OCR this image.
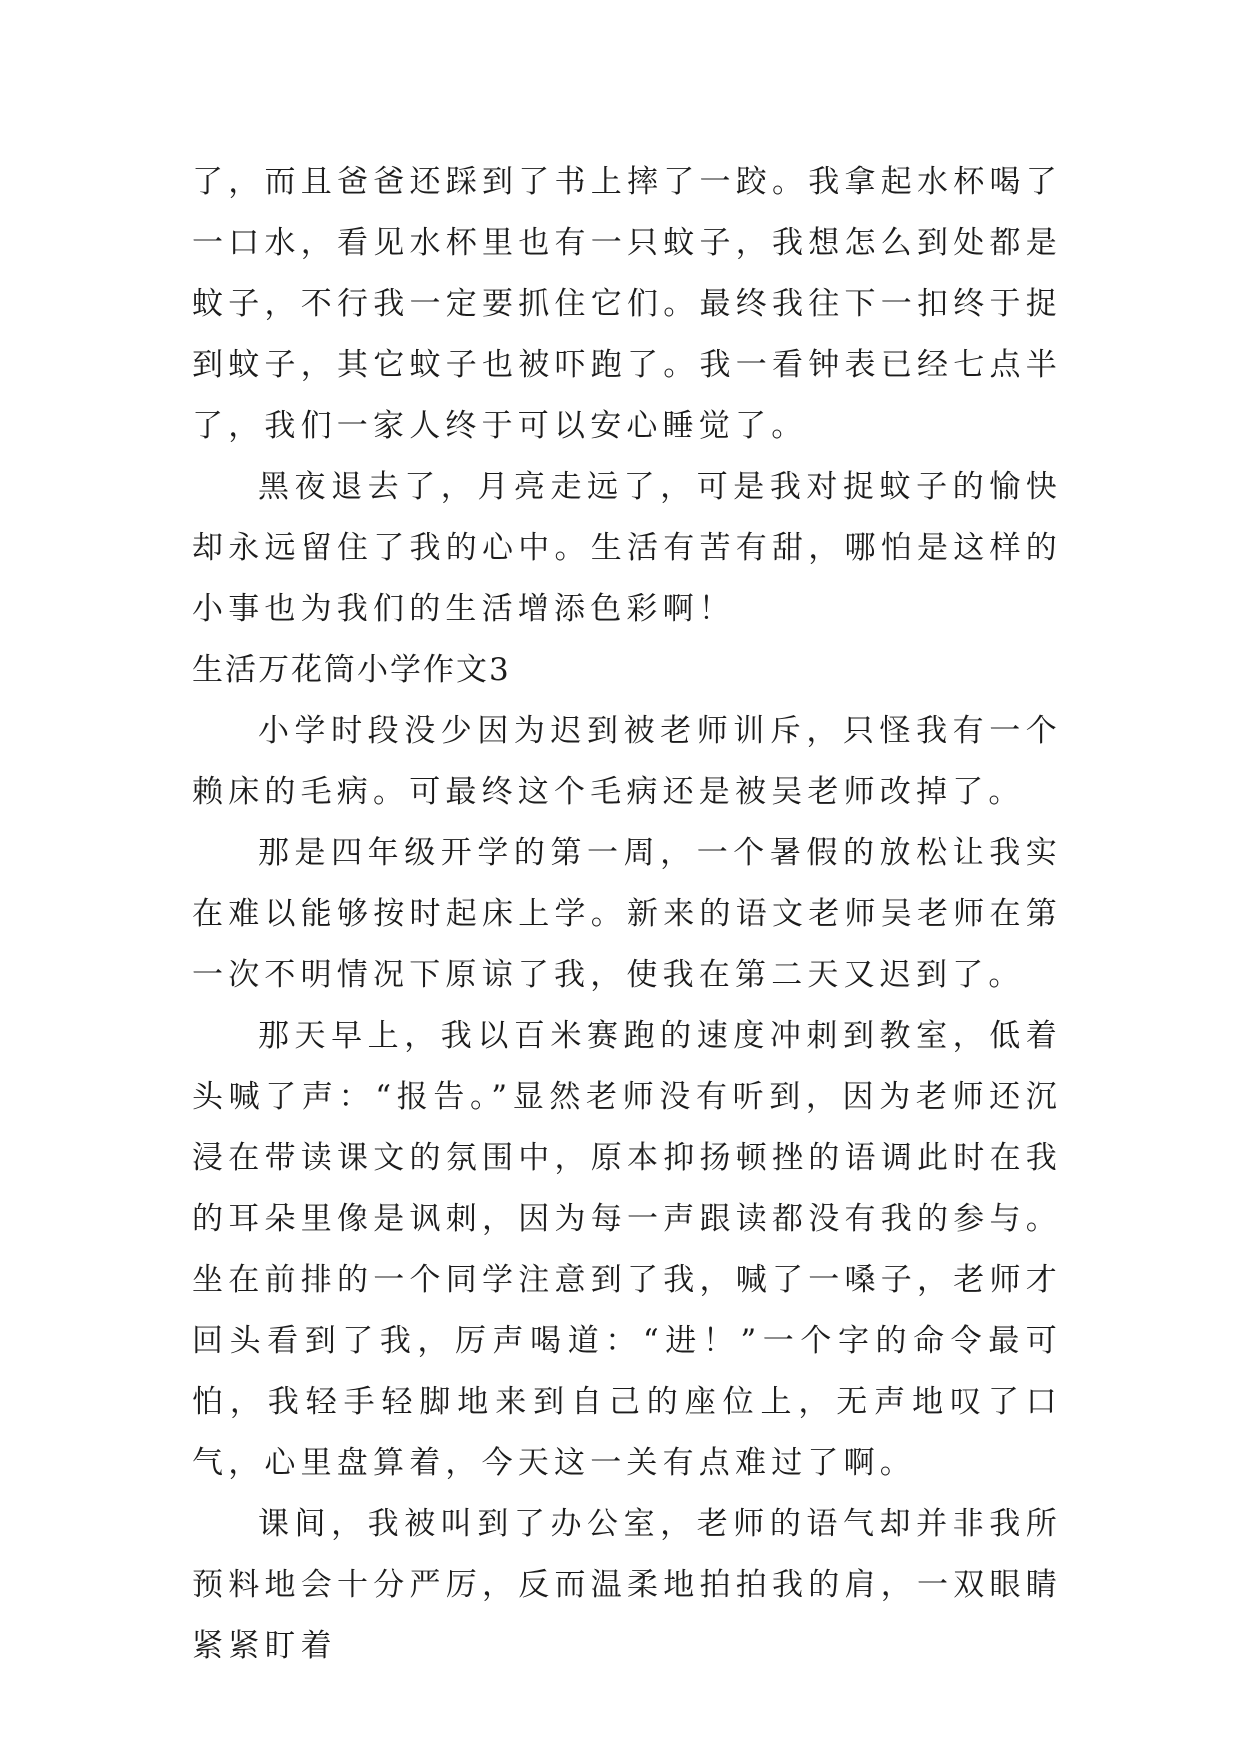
了，而且爸爸还踩到了书上摔了一跤。我拿起水杯喝了一口水，看见水杯里也有一只蚊子，我想怎么到处都是蚊子，不行我一定要抓住它们。最终我往下一扣终于捉到蚊子，其它蚊子也被吓跑了。我一看钟表已经七点半了，我们一家人终于可以安心睡觉了。

黑夜退去了，月亮走远了，可是我对捉蚊子的愉快却永远留住了我的心中。生活有苦有甜，哪怕是这样的小事也为我们的生活增添色彩啊！

生活万花筒小学作文3

小学时段没少因为迟到被老师训斥，只怪我有一个赖床的毛病。可最终这个毛病还是被吴老师改掉了。

那是四年级开学的第一周，一个暑假的放松让我实在难以能够按时起床上学。新来的语文老师吴老师在第一次不明情况下原谅了我，使我在第二天又迟到了。

那天早上，我以百米赛跑的速度冲刺到教室，低着头喊了声：“报告。”显然老师没有听到，因为老师还沉浸在带读课文的氛围中，原本抑扬顿挫的语调此时在我的耳朵里像是讽刺，因为每一声跟读都没有我的参与。坐在前排的一个同学注意到了我，喊了一嗓子，老师才回头看到了我，厉声喝道：“进！”一个字的命令最可怕，我轻手轻脚地来到自己的座位上，无声地叹了口气，心里盘算着，今天这一关有点难过了啊。

课间，我被叫到了办公室，老师的语气却并非我所预料地会十分严厉，反而温柔地拍拍我的肩，一双眼睛紧紧盯着
